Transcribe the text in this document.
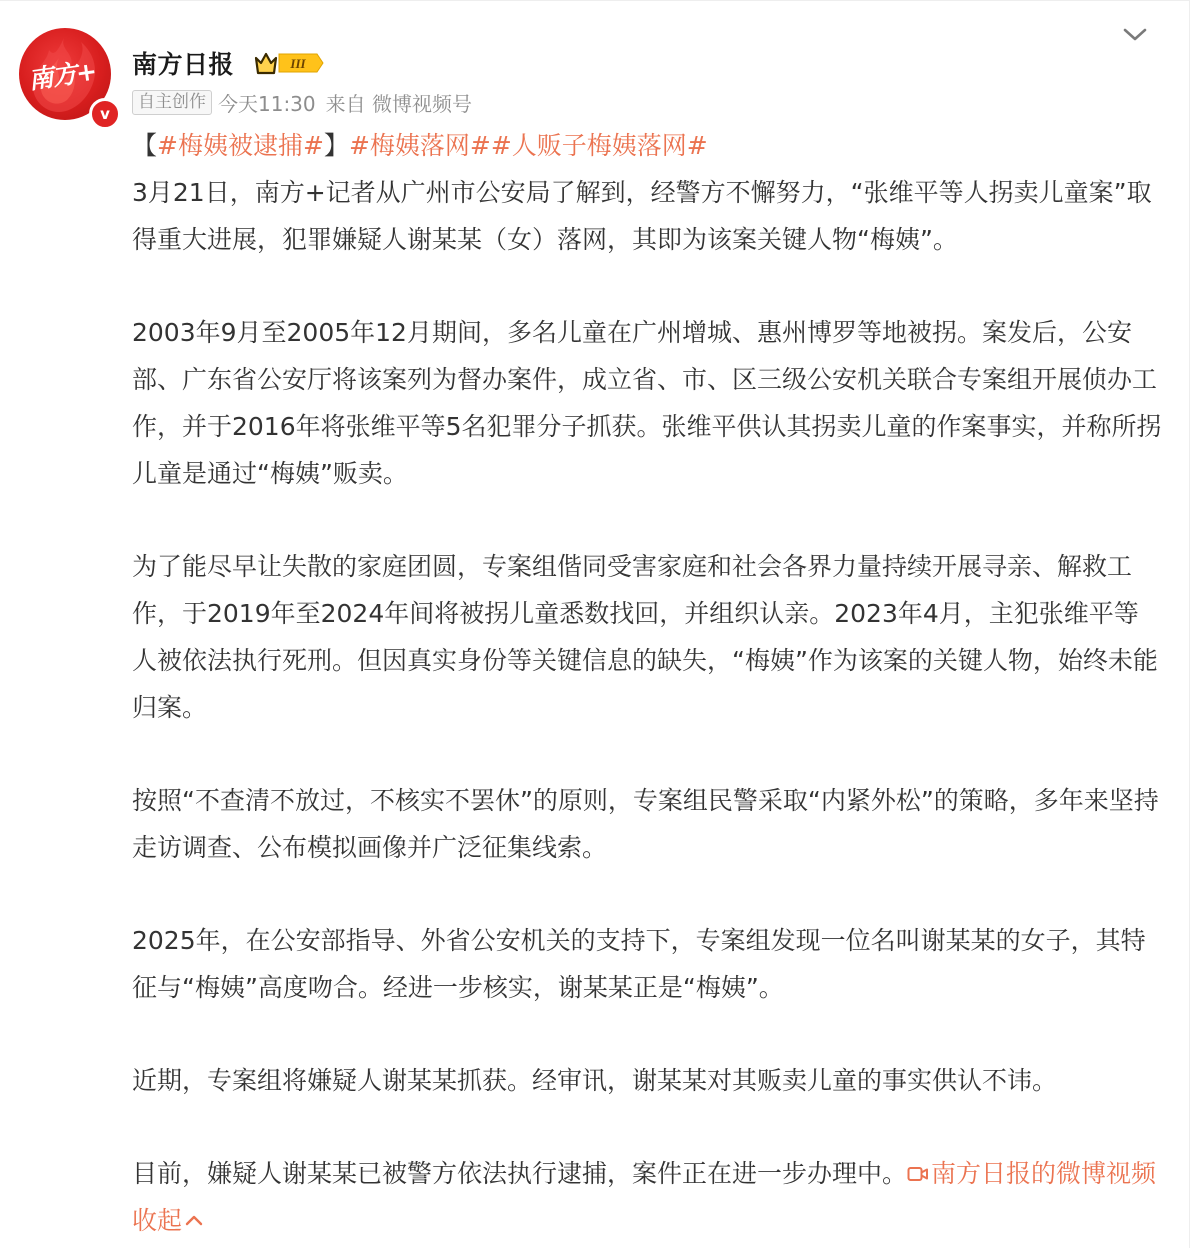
南方+
v
南方日报	III
自主创作 今天11:30 来自 微博视频号

【#梅姨被逮捕#】#梅姨落网##人贩子梅姨落网#

3月21日，南方+记者从广州市公安局了解到，经警方不懈努力，“张维平等人拐卖儿童案”取得重大进展，犯罪嫌疑人谢某某（女）落网，其即为该案关键人物“梅姨”。

2003年9月至2005年12月期间，多名儿童在广州增城、惠州博罗等地被拐。案发后，公安部、广东省公安厅将该案列为督办案件，成立省、市、区三级公安机关联合专案组开展侦办工作，并于2016年将张维平等5名犯罪分子抓获。张维平供认其拐卖儿童的作案事实，并称所拐儿童是通过“梅姨”贩卖。

为了能尽早让失散的家庭团圆，专案组偕同受害家庭和社会各界力量持续开展寻亲、解救工作，于2019年至2024年间将被拐儿童悉数找回，并组织认亲。2023年4月，主犯张维平等人被依法执行死刑。但因真实身份等关键信息的缺失，“梅姨”作为该案的关键人物，始终未能归案。

按照“不查清不放过，不核实不罢休”的原则，专案组民警采取“内紧外松”的策略，多年来坚持走访调查、公布模拟画像并广泛征集线索。

2025年，在公安部指导、外省公安机关的支持下，专案组发现一位名叫谢某某的女子，其特征与“梅姨”高度吻合。经进一步核实，谢某某正是“梅姨”。

近期，专案组将嫌疑人谢某某抓获。经审讯，谢某某对其贩卖儿童的事实供认不讳。

目前，嫌疑人谢某某已被警方依法执行逮捕，案件正在进一步办理中。 南方日报的微博视频 收起
